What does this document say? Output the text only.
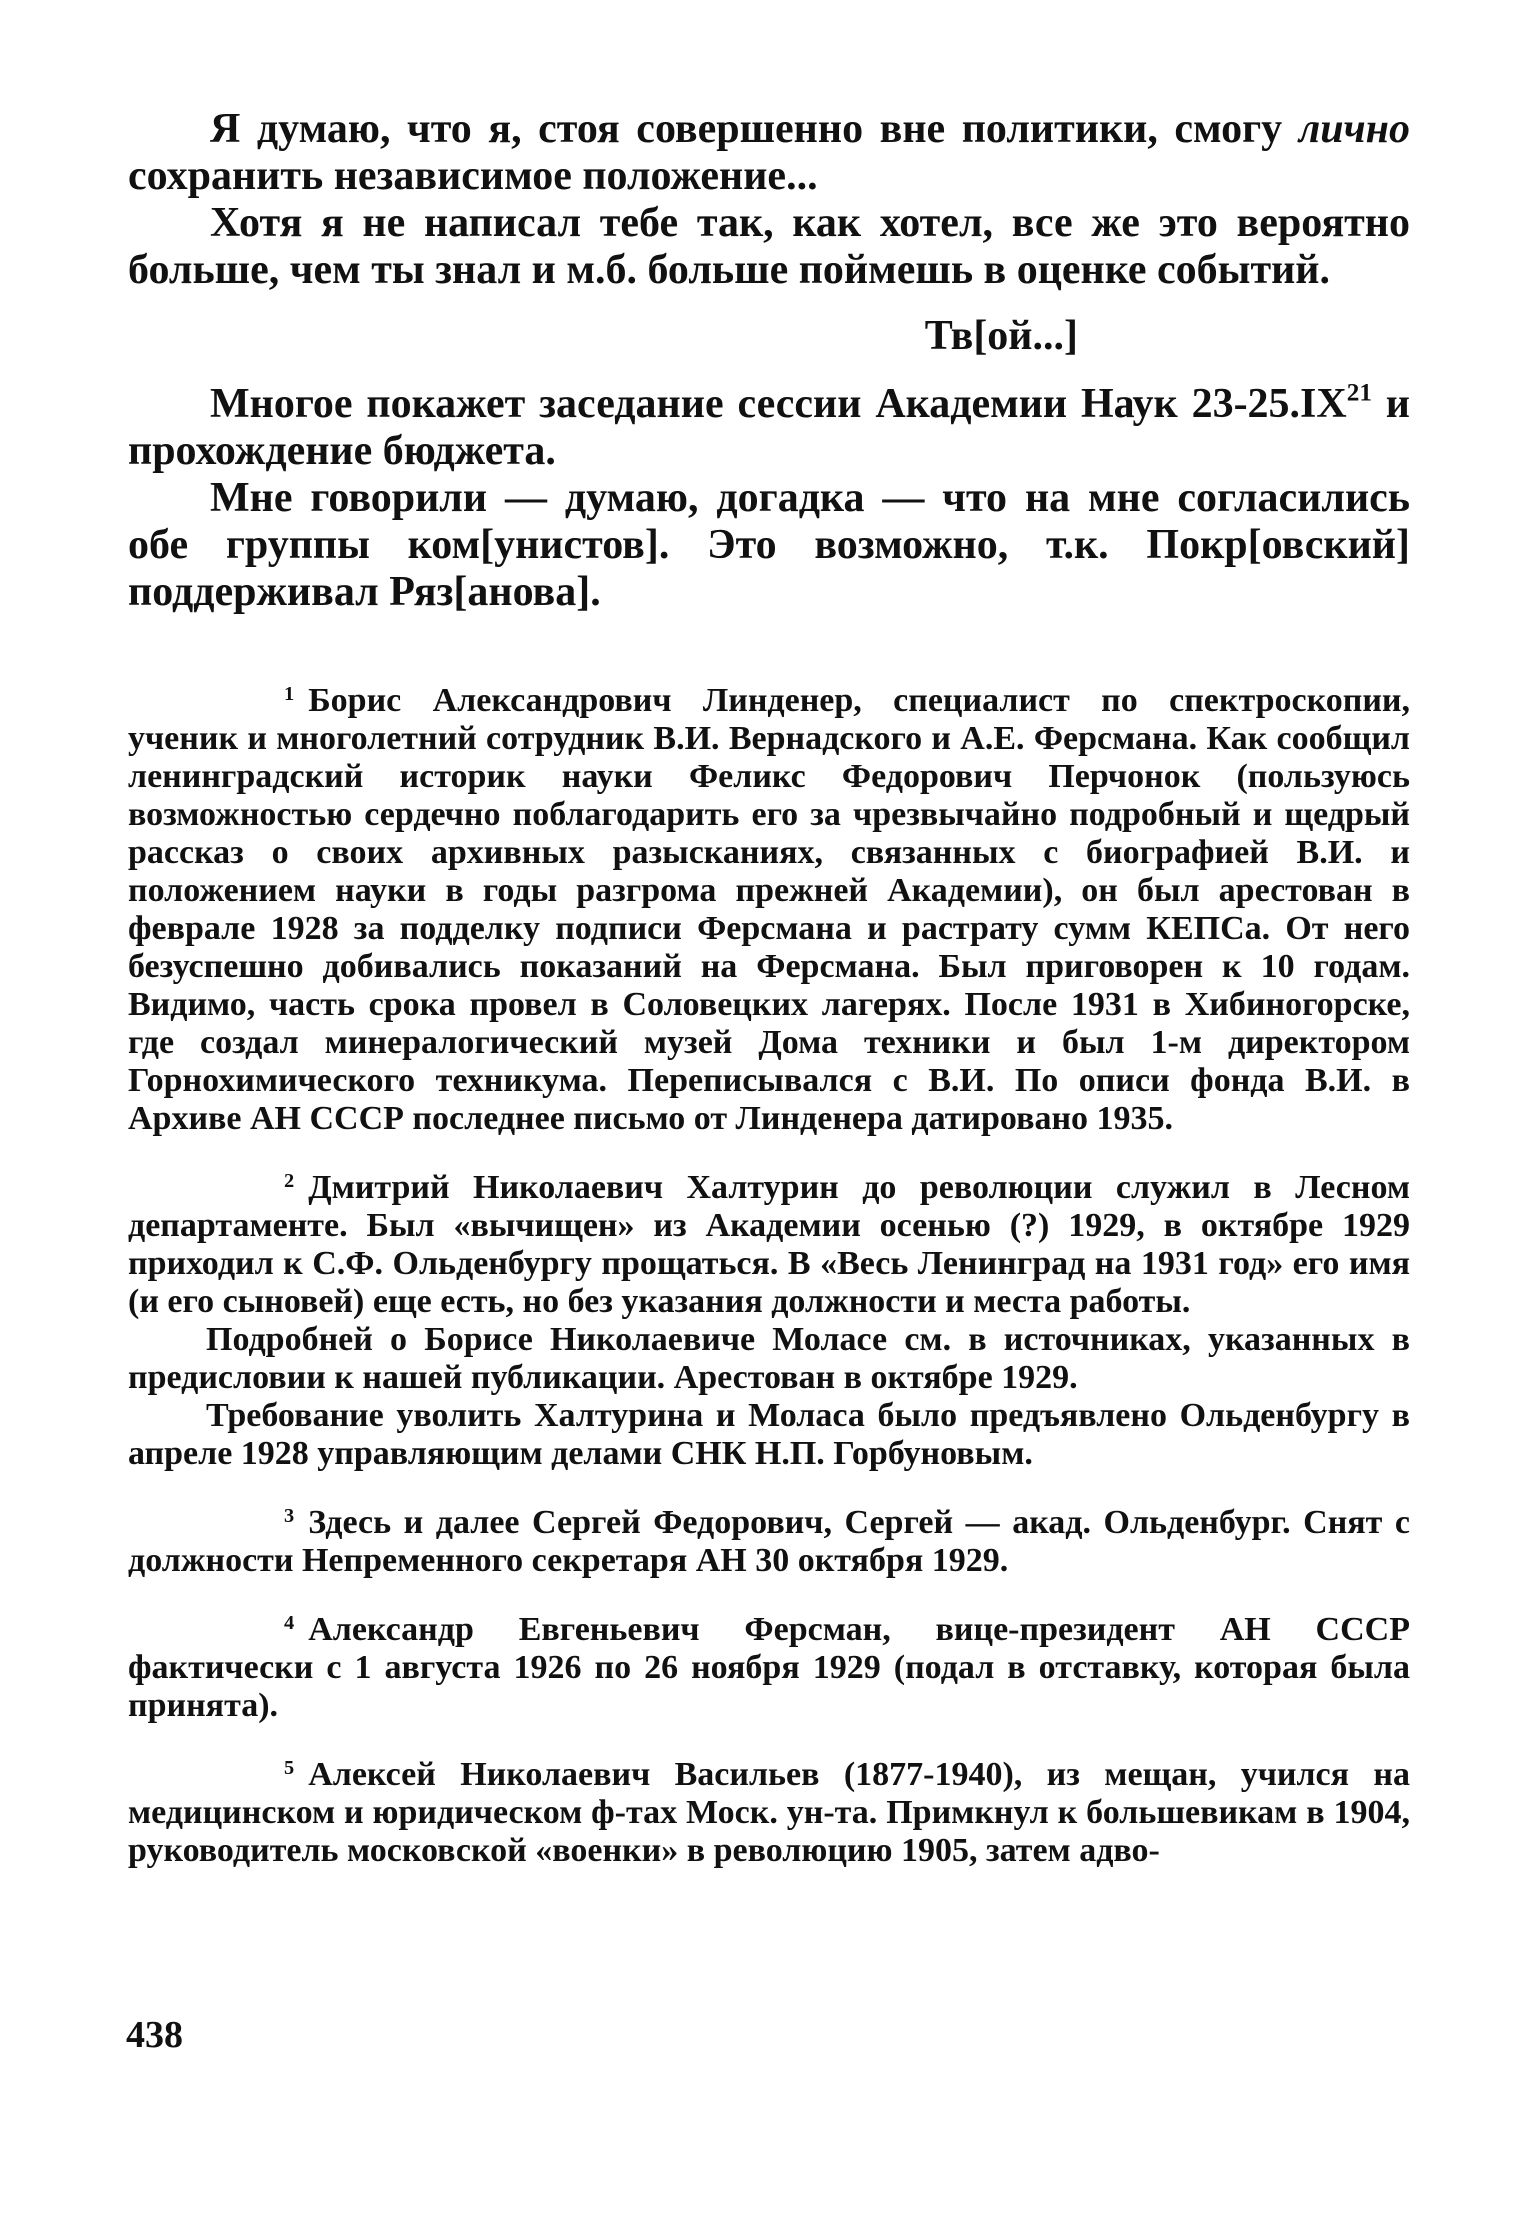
Я думаю, что я, стоя совершенно вне политики, смогу лично сохранить независимое положение...

Хотя я не написал тебе так, как хотел, все же это вероятно больше, чем ты знал и м.б. больше поймешь в оценке событий.

Тв[ой...]

Многое покажет заседание сессии Академии Наук 23-25.IX$^{21}$ и прохождение бюджета.

Мне говорили — думаю, догадка — что на мне согласились обе группы ком[унистов]. Это возможно, т.к. Покр[овский] поддерживал Ряз[анова].

1 Борис Александрович Линденер, специалист по спектроскопии, ученик и многолетний сотрудник В.И. Вернадского и А.Е. Ферсмана. Как сообщил ленинградский историк науки Феликс Федорович Перчонок (пользуюсь возможностью сердечно поблагодарить его за чрезвычайно подробный и щедрый рассказ о своих архивных разысканиях, связанных с биографией В.И. и положением науки в годы разгрома прежней Академии), он был арестован в феврале 1928 за подделку подписи Ферсмана и растрату сумм КЕПСа. От него безуспешно добивались показаний на Ферсмана. Был приговорен к 10 годам. Видимо, часть срока провел в Соловецких лагерях. После 1931 в Хибиногорске, где создал минералогический музей Дома техники и был 1-м директором Горнохимического техникума. Переписывался с В.И. По описи фонда В.И. в Архиве АН СССР последнее письмо от Линденера датировано 1935.

2 Дмитрий Николаевич Халтурин до революции служил в Лесном департаменте. Был «вычищен» из Академии осенью (?) 1929, в октябре 1929 приходил к С.Ф. Ольденбургу прощаться. В «Весь Ленинград на 1931 год» его имя (и его сыновей) еще есть, но без указания должности и места работы.

Подробней о Борисе Николаевиче Моласе см. в источниках, указанных в предисловии к нашей публикации. Арестован в октябре 1929.

Требование уволить Халтурина и Моласа было предъявлено Ольденбургу в апреле 1928 управляющим делами СНК Н.П. Горбуновым.

3 Здесь и далее Сергей Федорович, Сергей — акад. Ольденбург. Снят с должности Непременного секретаря АН 30 октября 1929.

4 Александр Евгеньевич Ферсман, вице-президент АН СССР фактически с 1 августа 1926 по 26 ноября 1929 (подал в отставку, которая была принята).

5 Алексей Николаевич Васильев (1877-1940), из мещан, учился на медицинском и юридическом ф-тах Моск. ун-та. Примкнул к большевикам в 1904, руководитель московской «военки» в революцию 1905, затем адво-

438
